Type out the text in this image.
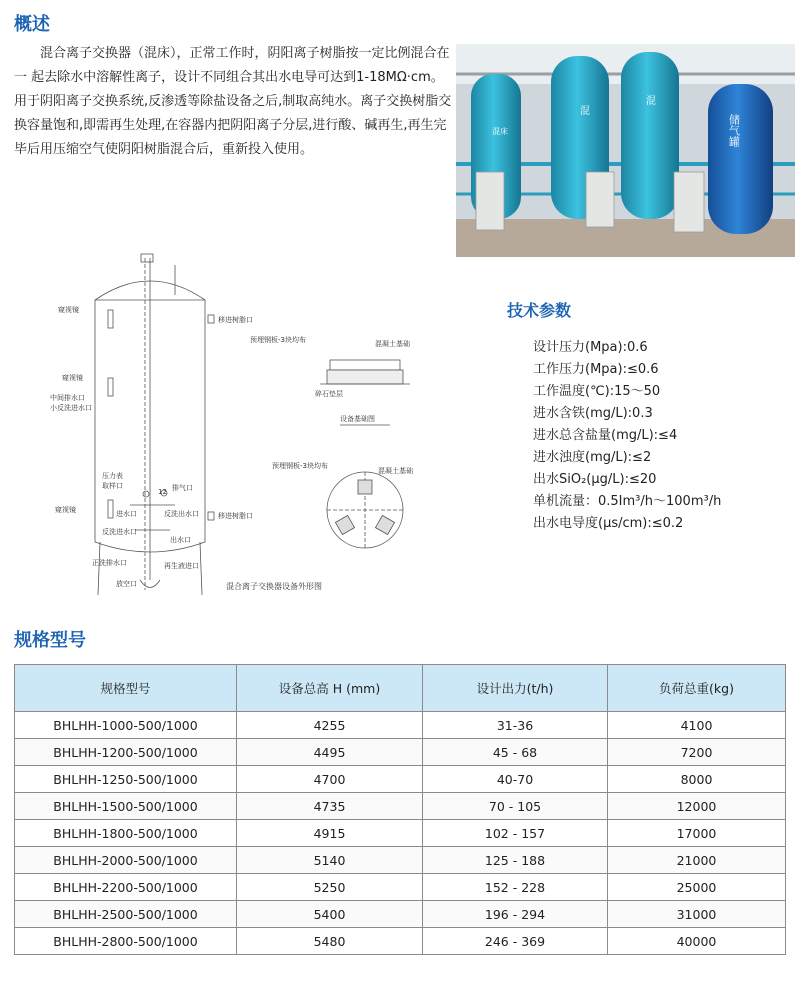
概述

混合离子交换器（混床），正常工作时，阴阳离子树脂按一定比例混合在一 起去除水中溶解性离子，设计不同组合其出水电导可达到1-18MΩ·cm。用于阴阳离子交换系统,反渗透等除盐设备之后,制取高纯水。离子交换树脂交换容量饱和,即需再生处理,在容器内把阴阳离子分层,进行酸、碱再生,再生完毕后用压缩空气使阴阳树脂混合后，重新投入使用。

混
混床
混
储气罐
窥视镜
窥视镜
中间排水口
小反洗进水口
压力表
取样口	排气口
12
窥视镜	进水口	反洗出水口
反洗进水口
出水口
正洗排水口	再生液进口
放空口
移进树脂口
移进树脂口
预埋钢板-3块均布	混凝土基础
碎石垫层
设备基础图
预埋钢板-3块均布
混凝土基础
混合离子交换器设备外形图
技术参数
设计压力(Mpa):0.6
工作压力(Mpa):≤0.6
工作温度(℃):15～50
进水含铁(mg/L):0.3
进水总含盐量(mg/L):≤4
进水浊度(mg/L):≤2
出水SiO₂(μg/L):≤20
单机流量：0.5Im³/h～100m³/h
出水电导度(μs/cm):≤0.2
规格型号
规格型号	设备总高 H (mm)	设计出力(t/h)	负荷总重(kg)
BHLHH-1000-500/1000	4255	31-36	4100
BHLHH-1200-500/1000	4495	45 - 68	7200
BHLHH-1250-500/1000	4700	40-70	8000
BHLHH-1500-500/1000	4735	70 - 105	12000
BHLHH-1800-500/1000	4915	102 - 157	17000
BHLHH-2000-500/1000	5140	125 - 188	21000
BHLHH-2200-500/1000	5250	152 - 228	25000
BHLHH-2500-500/1000	5400	196 - 294	31000
BHLHH-2800-500/1000	5480	246 - 369	40000
